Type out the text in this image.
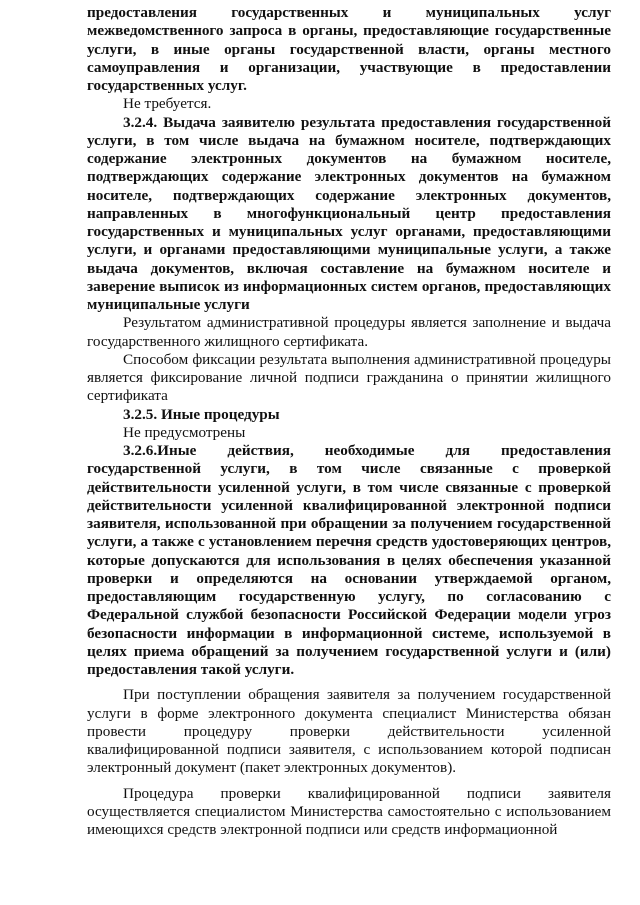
предоставления государственных и муниципальных услуг межведомственного запроса в органы, предоставляющие государственные услуги, в иные органы государственной власти, органы местного самоуправления и организации, участвующие в предоставлении государственных услуг.

Не требуется.

3.2.4. Выдача заявителю результата предоставления государственной услуги, в том числе выдача на бумажном носителе, подтверждающих содержание электронных документов на бумажном носителе, подтверждающих содержание электронных документов на бумажном носителе, подтверждающих содержание электронных документов, направленных в многофункциональный центр предоставления государственных и муниципальных услуг органами, предоставляющими услуги, и органами предоставляющими муниципальные услуги, а также выдача документов, включая составление на бумажном носителе и заверение выписок из информационных систем органов, предоставляющих муниципальные услуги

Результатом административной процедуры является заполнение и выдача государственного жилищного сертификата.

Способом фиксации результата выполнения административной процедуры является фиксирование личной подписи гражданина о принятии жилищного сертификата

3.2.5. Иные процедуры

Не предусмотрены

3.2.6.Иные действия, необходимые для предоставления государственной услуги, в том числе связанные с проверкой действительности усиленной услуги, в том числе связанные с проверкой действительности усиленной квалифицированной электронной подписи заявителя, использованной при обращении за получением государственной услуги, а также с установлением перечня средств удостоверяющих центров, которые допускаются для использования в целях обеспечения указанной проверки и определяются на основании утверждаемой органом, предоставляющим государственную услугу, по согласованию с Федеральной службой безопасности Российской Федерации модели угроз безопасности информации в информационной системе, используемой в целях приема обращений за получением государственной услуги и (или) предоставления такой услуги.

При поступлении обращения заявителя за получением государственной услуги в форме электронного документа специалист Министерства обязан провести процедуру проверки действительности усиленной квалифицированной подписи заявителя, с использованием которой подписан электронный документ (пакет электронных документов).

Процедура проверки квалифицированной подписи заявителя осуществляется специалистом Министерства самостоятельно с использованием имеющихся средств электронной подписи или средств информационной
